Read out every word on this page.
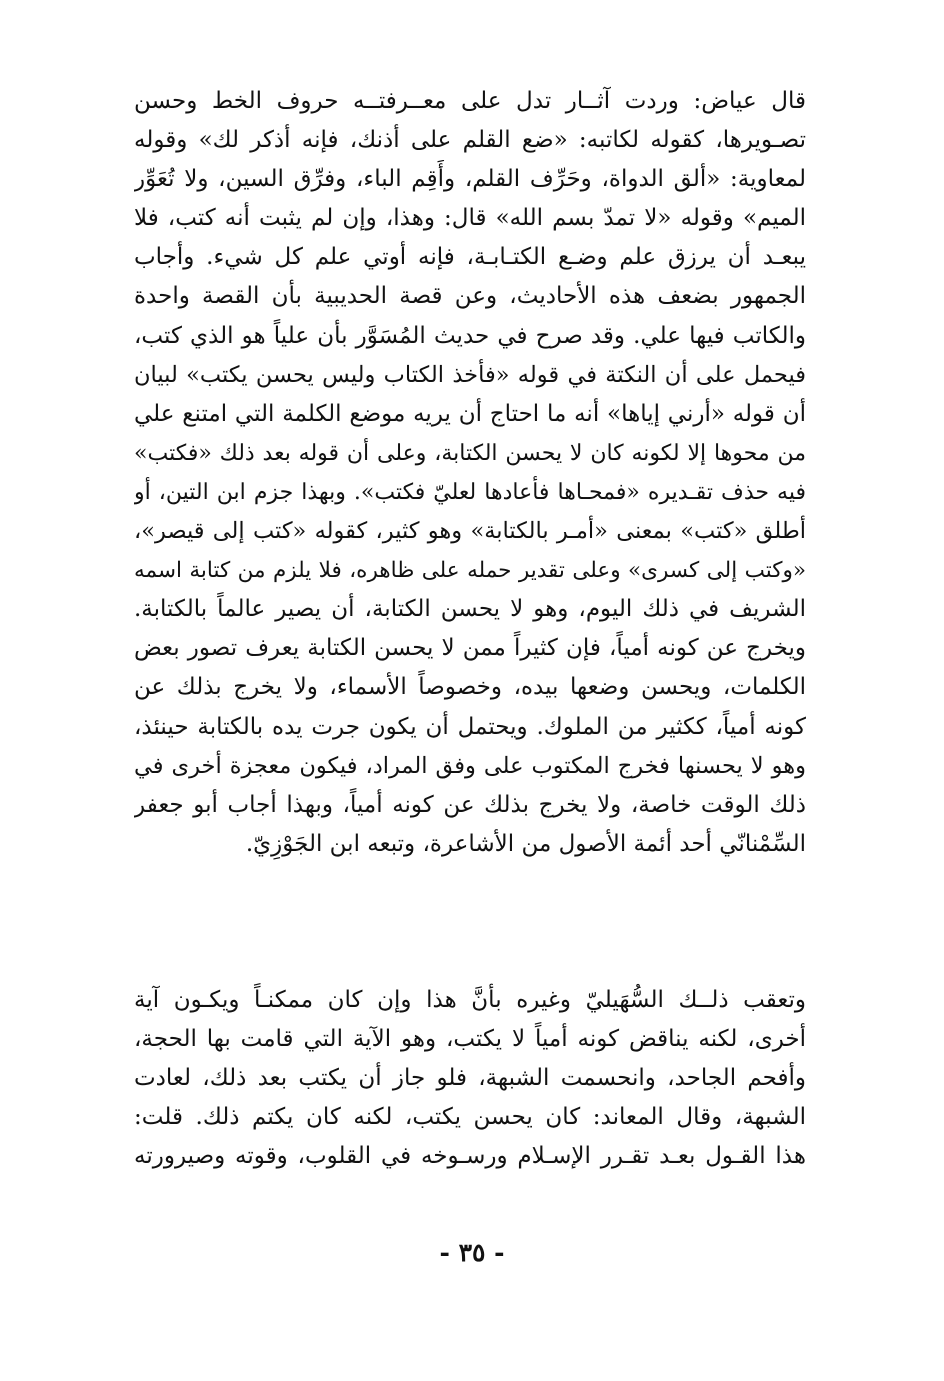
قال عياض: وردت آثــار تدل على معــرفتــه حروف الخط وحسن
تصـويرها، كقوله لكاتبه: «ضع القلم على أذنك، فإنه أذكر لك» وقوله
لمعاوية: «ألق الدواة، وحَرِّف القلم، وأَقِم الباء، وفرِّق السين، ولا تُعَوِّر
الميم» وقوله «لا تمدّ بسم الله» قال: وهذا، وإن لم يثبت أنه كتب، فلا
يبعـد أن يرزق علم وضـع الكتـابـة، فإنه أوتي علم كل شيء. وأجاب
الجمهور بضعف هذه الأحاديث، وعن قصة الحديبية بأن القصة واحدة
والكاتب فيها علي. وقد صرح في حديث المُسَوَّر بأن علياً هو الذي كتب،
فيحمل على أن النكتة في قوله «فأخذ الكتاب وليس يحسن يكتب» لبيان
أن قوله «أرني إياها» أنه ما احتاج أن يريه موضع الكلمة التي امتنع علي
من محوها إلا لكونه كان لا يحسن الكتابة، وعلى أن قوله بعد ذلك «فكتب»
فيه حذف تقـديره «فمحـاها فأعادها لعليّ فكتب». وبهذا جزم ابن التين، أو
أطلق «كتب» بمعنى «أمـر بالكتابة» وهو كثير، كقوله «كتب إلى قيصر»،
«وكتب إلى كسرى» وعلى تقدير حمله على ظاهره، فلا يلزم من كتابة اسمه
الشريف في ذلك اليوم، وهو لا يحسن الكتابة، أن يصير عالماً بالكتابة.
ويخرج عن كونه أمياً، فإن كثيراً ممن لا يحسن الكتابة يعرف تصور بعض
الكلمات، ويحسن وضعها بيده، وخصوصاً الأسماء، ولا يخرج بذلك عن
كونه أمياً، ككثير من الملوك. ويحتمل أن يكون جرت يده بالكتابة حينئذ،
وهو لا يحسنها فخرج المكتوب على وفق المراد، فيكون معجزة أخرى في
ذلك الوقت خاصة، ولا يخرج بذلك عن كونه أمياً، وبهذا أجاب أبو جعفر
السِّمْنانّي أحد أئمة الأصول من الأشاعرة، وتبعه ابن الجَوْزِيّ.
وتعقب ذلــك السُّهَيليّ وغيره بأنَّ هذا وإن كان ممكنـاً ويكـون آية
أخرى، لكنه يناقض كونه أمياً لا يكتب، وهو الآية التي قامت بها الحجة،
وأفحم الجاحد، وانحسمت الشبهة، فلو جاز أن يكتب بعد ذلك، لعادت
الشبهة، وقال المعاند: كان يحسن يكتب، لكنه كان يكتم ذلك. قلت:
هذا القـول بعـد تقـرر الإسـلام ورسـوخه في القلوب، وقوته وصيرورته
- ٣٥ -
